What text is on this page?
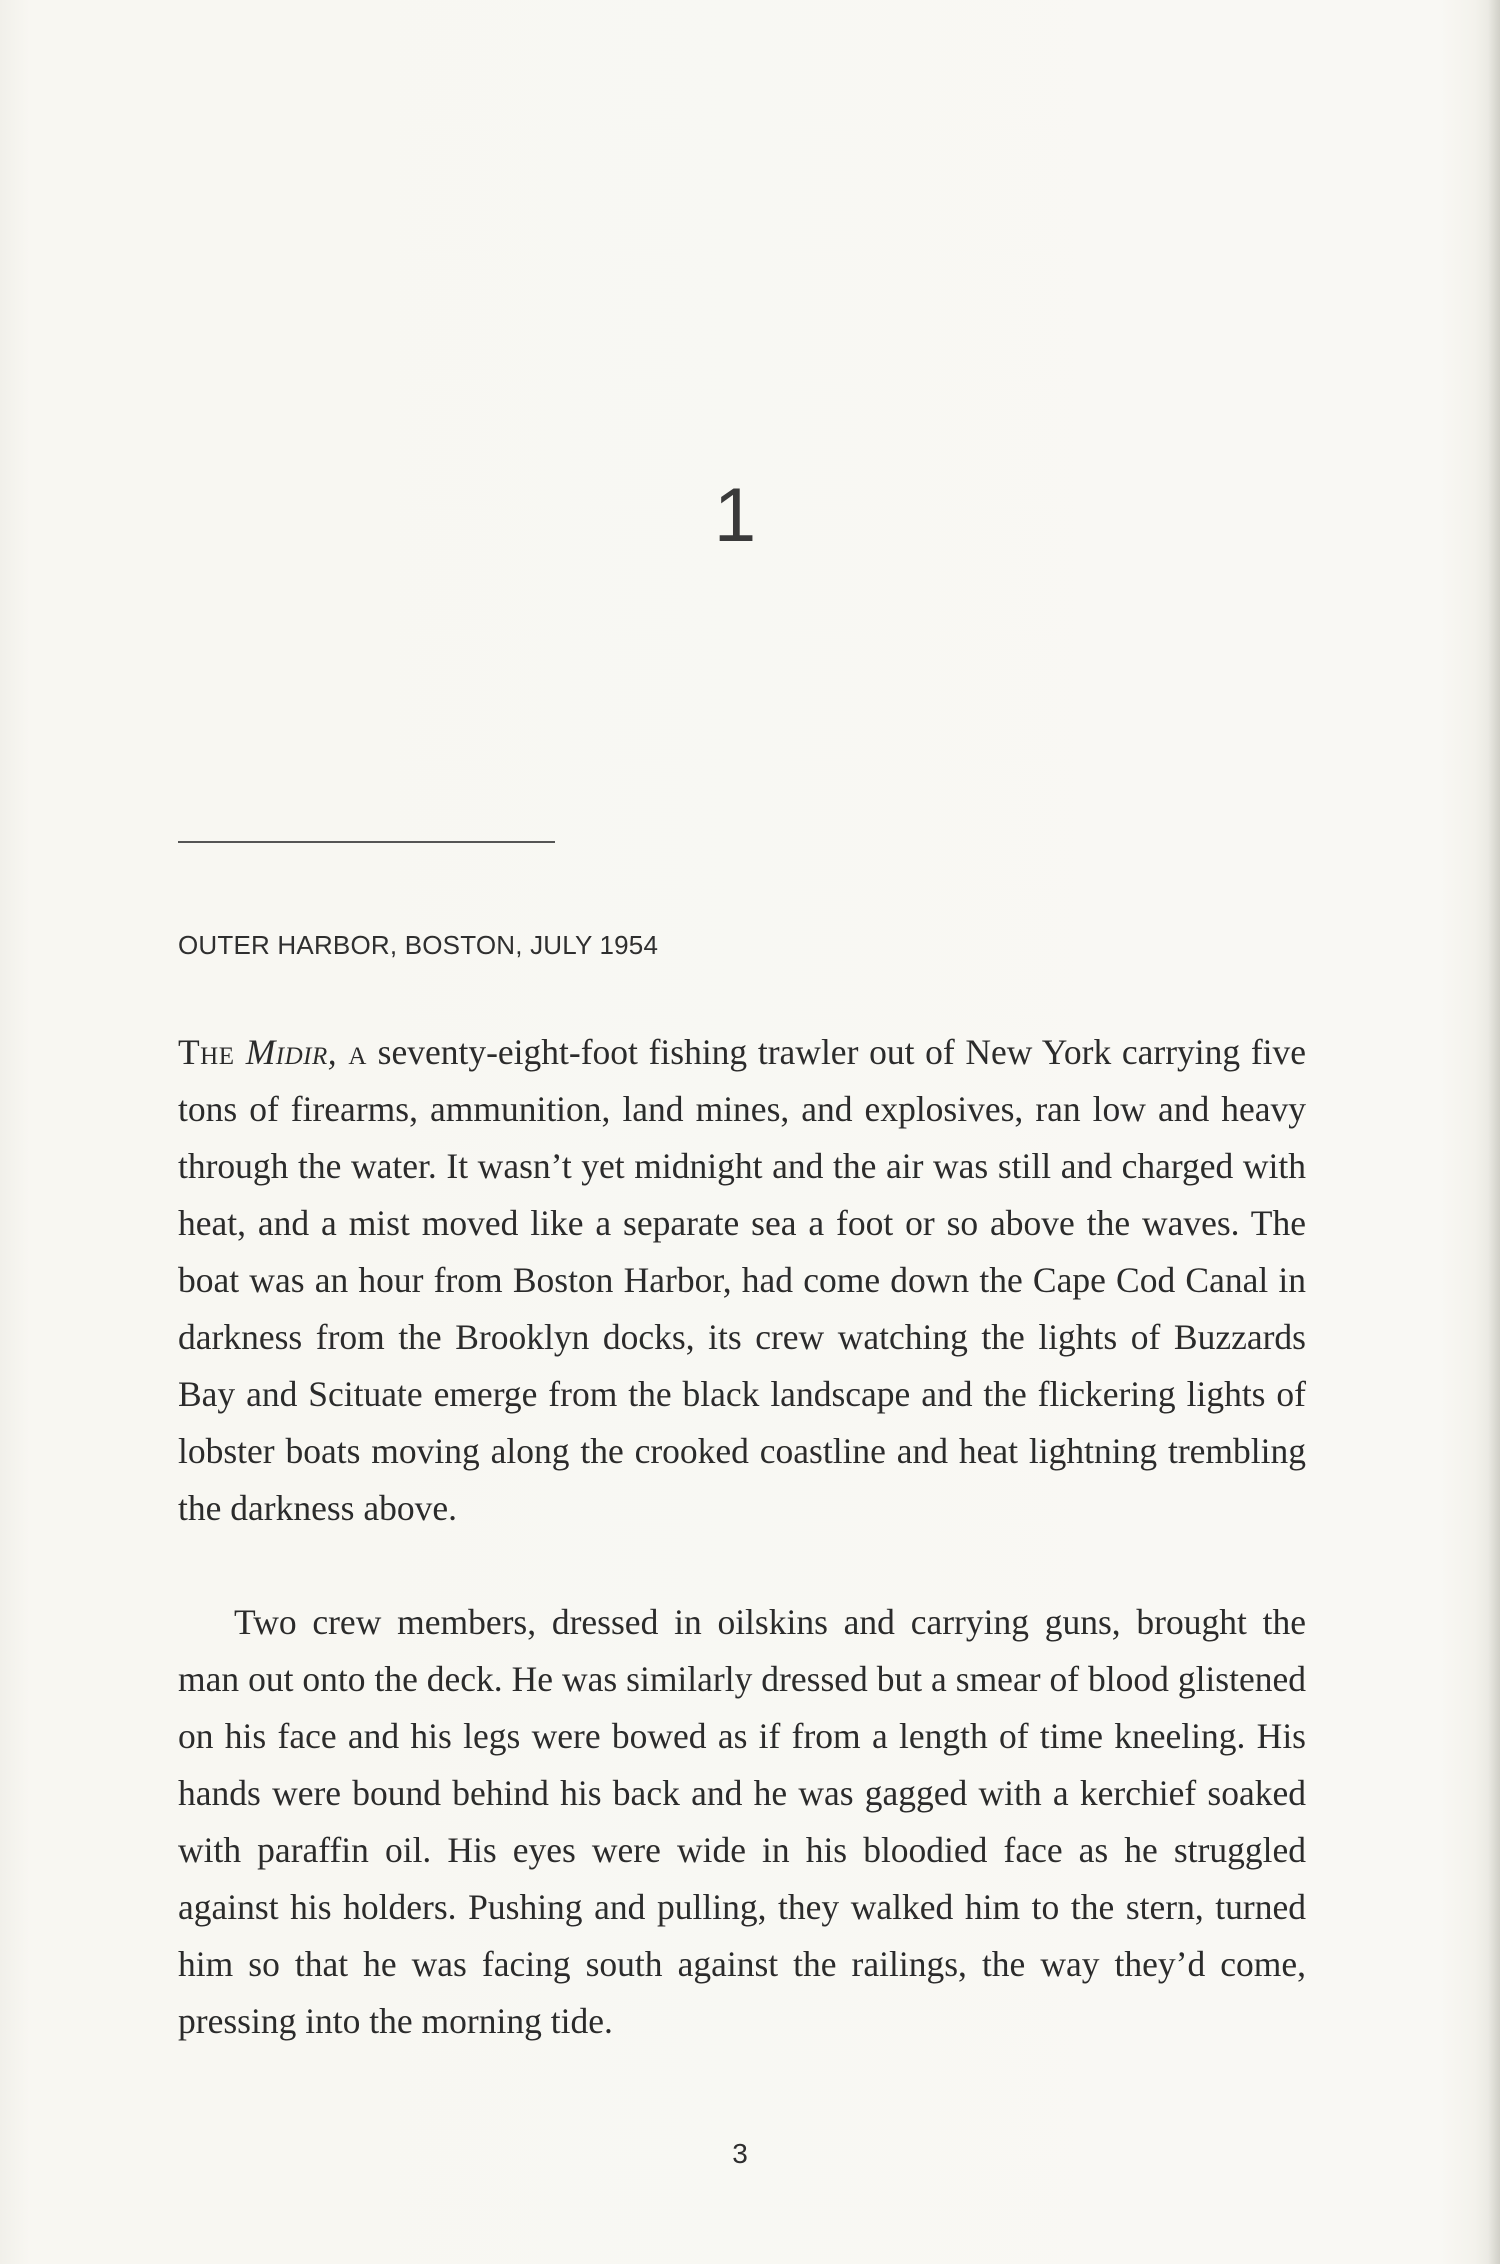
1
OUTER HARBOR, BOSTON, JULY 1954

The Midir, a seventy-eight-foot fishing trawler out of New York carrying five tons of firearms, ammunition, land mines, and explosives, ran low and heavy through the water. It wasn’t yet midnight and the air was still and charged with heat, and a mist moved like a separate sea a foot or so above the waves. The boat was an hour from Boston Harbor, had come down the Cape Cod Canal in darkness from the Brooklyn docks, its crew watching the lights of Buzzards Bay and Scituate emerge from the black landscape and the flickering lights of lobster boats moving along the crooked coastline and heat lightning trembling the darkness above.

Two crew members, dressed in oilskins and carrying guns, brought the man out onto the deck. He was similarly dressed but a smear of blood glistened on his face and his legs were bowed as if from a length of time kneeling. His hands were bound behind his back and he was gagged with a kerchief soaked with paraffin oil. His eyes were wide in his bloodied face as he struggled against his holders. Pushing and pulling, they walked him to the stern, turned him so that he was facing south against the railings, the way they’d come, pressing into the morning tide.

3
